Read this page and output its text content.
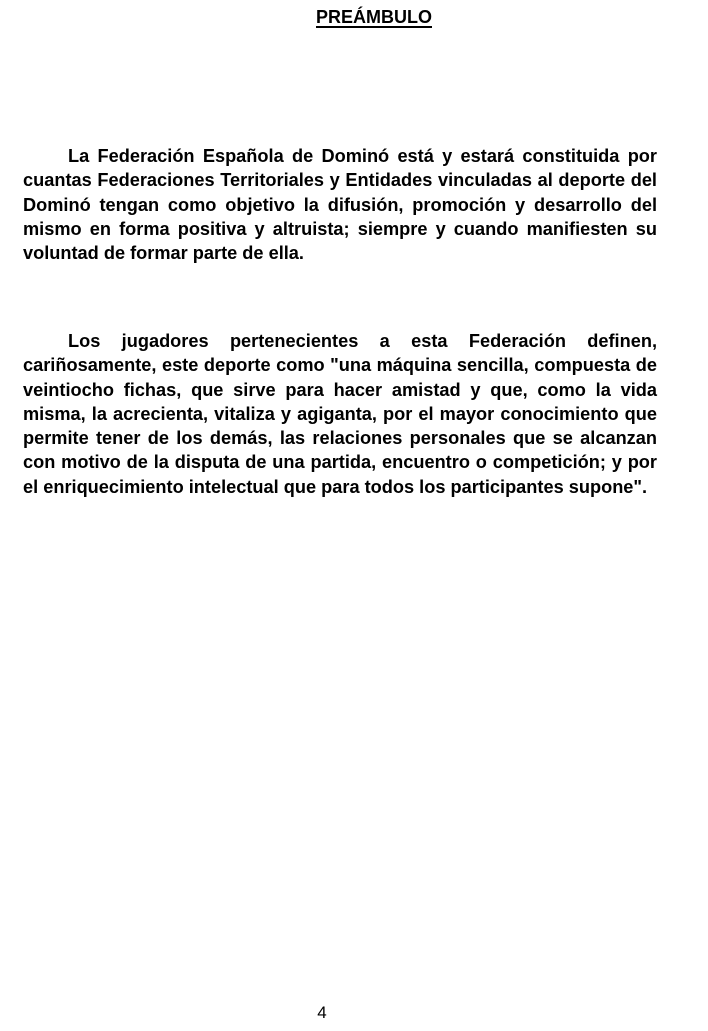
PREÁMBULO

La Federación Española de Dominó está y estará constituida por cuantas Federaciones Territoriales y Entidades vinculadas al deporte del Dominó tengan como objetivo la difusión, promoción y desarrollo del mismo en forma positiva y altruista; siempre y cuando manifiesten su voluntad de formar parte de ella.

Los jugadores pertenecientes a esta Federación definen, cariñosamente, este deporte como "una máquina sencilla, compuesta de veintiocho fichas, que sirve para hacer amistad y que, como la vida misma, la acrecienta, vitaliza y agiganta, por el mayor conocimiento que permite tener de los demás, las relaciones personales que se alcanzan con motivo de la disputa de una partida, encuentro o competición; y por el enriquecimiento intelectual que para todos los participantes supone".

4
